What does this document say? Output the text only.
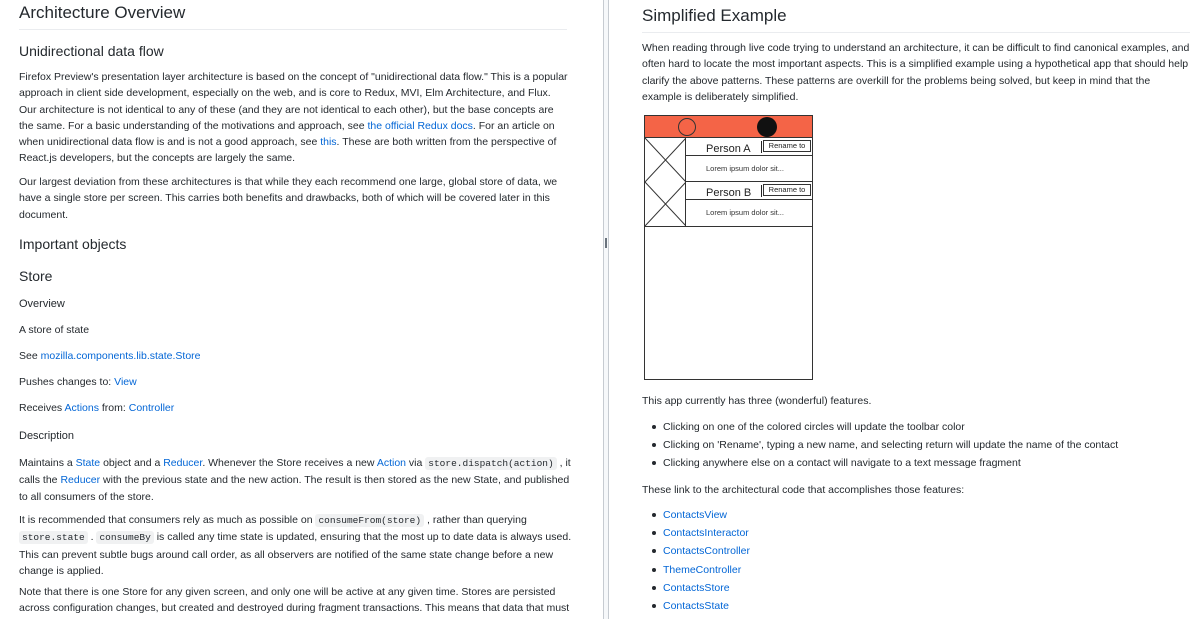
Architecture Overview
Unidirectional data flow

Firefox Preview's presentation layer architecture is based on the concept of "unidirectional data flow." This is a popular approach in client side development, especially on the web, and is core to Redux, MVI, Elm Architecture, and Flux. Our architecture is not identical to any of these (and they are not identical to each other), but the base concepts are the same. For a basic understanding of the motivations and approach, see the official Redux docs. For an article on when unidirectional data flow is and is not a good approach, see this. These are both written from the perspective of React.js developers, but the concepts are largely the same.

Our largest deviation from these architectures is that while they each recommend one large, global store of data, we have a single store per screen. This carries both benefits and drawbacks, both of which will be covered later in this document.

Important objects
Store
Overview

A store of state

See mozilla.components.lib.state.Store

Pushes changes to: View

Receives Actions from: Controller

Description

Maintains a State object and a Reducer. Whenever the Store receives a new Action via store.dispatch(action) , it calls the Reducer with the previous state and the new action. The result is then stored as the new State, and published to all consumers of the store.

It is recommended that consumers rely as much as possible on consumeFrom(store) , rather than querying store.state . consumeBy is called any time state is updated, ensuring that the most up to date data is always used. This can prevent subtle bugs around call order, as all observers are notified of the same state change before a new change is applied.

Note that there is one Store for any given screen, and only one will be active at any given time. Stores are persisted across configuration changes, but created and destroyed during fragment transactions. This means that data that must

Simplified Example

When reading through live code trying to understand an architecture, it can be difficult to find canonical examples, and often hard to locate the most important aspects. This is a simplified example using a hypothetical app that should help clarify the above patterns. These patterns are overkill for the problems being solved, but keep in mind that the example is deliberately simplified.

Person A	Rename to
Lorem ipsum dolor sit...
Person B	Rename to
Lorem ipsum dolor sit...

This app currently has three (wonderful) features.

Clicking on one of the colored circles will update the toolbar color
Clicking on 'Rename', typing a new name, and selecting return will update the name of the contact
Clicking anywhere else on a contact will navigate to a text message fragment

These link to the architectural code that accomplishes those features:

ContactsView
ContactsInteractor
ContactsController
ThemeController
ContactsStore
ContactsState
